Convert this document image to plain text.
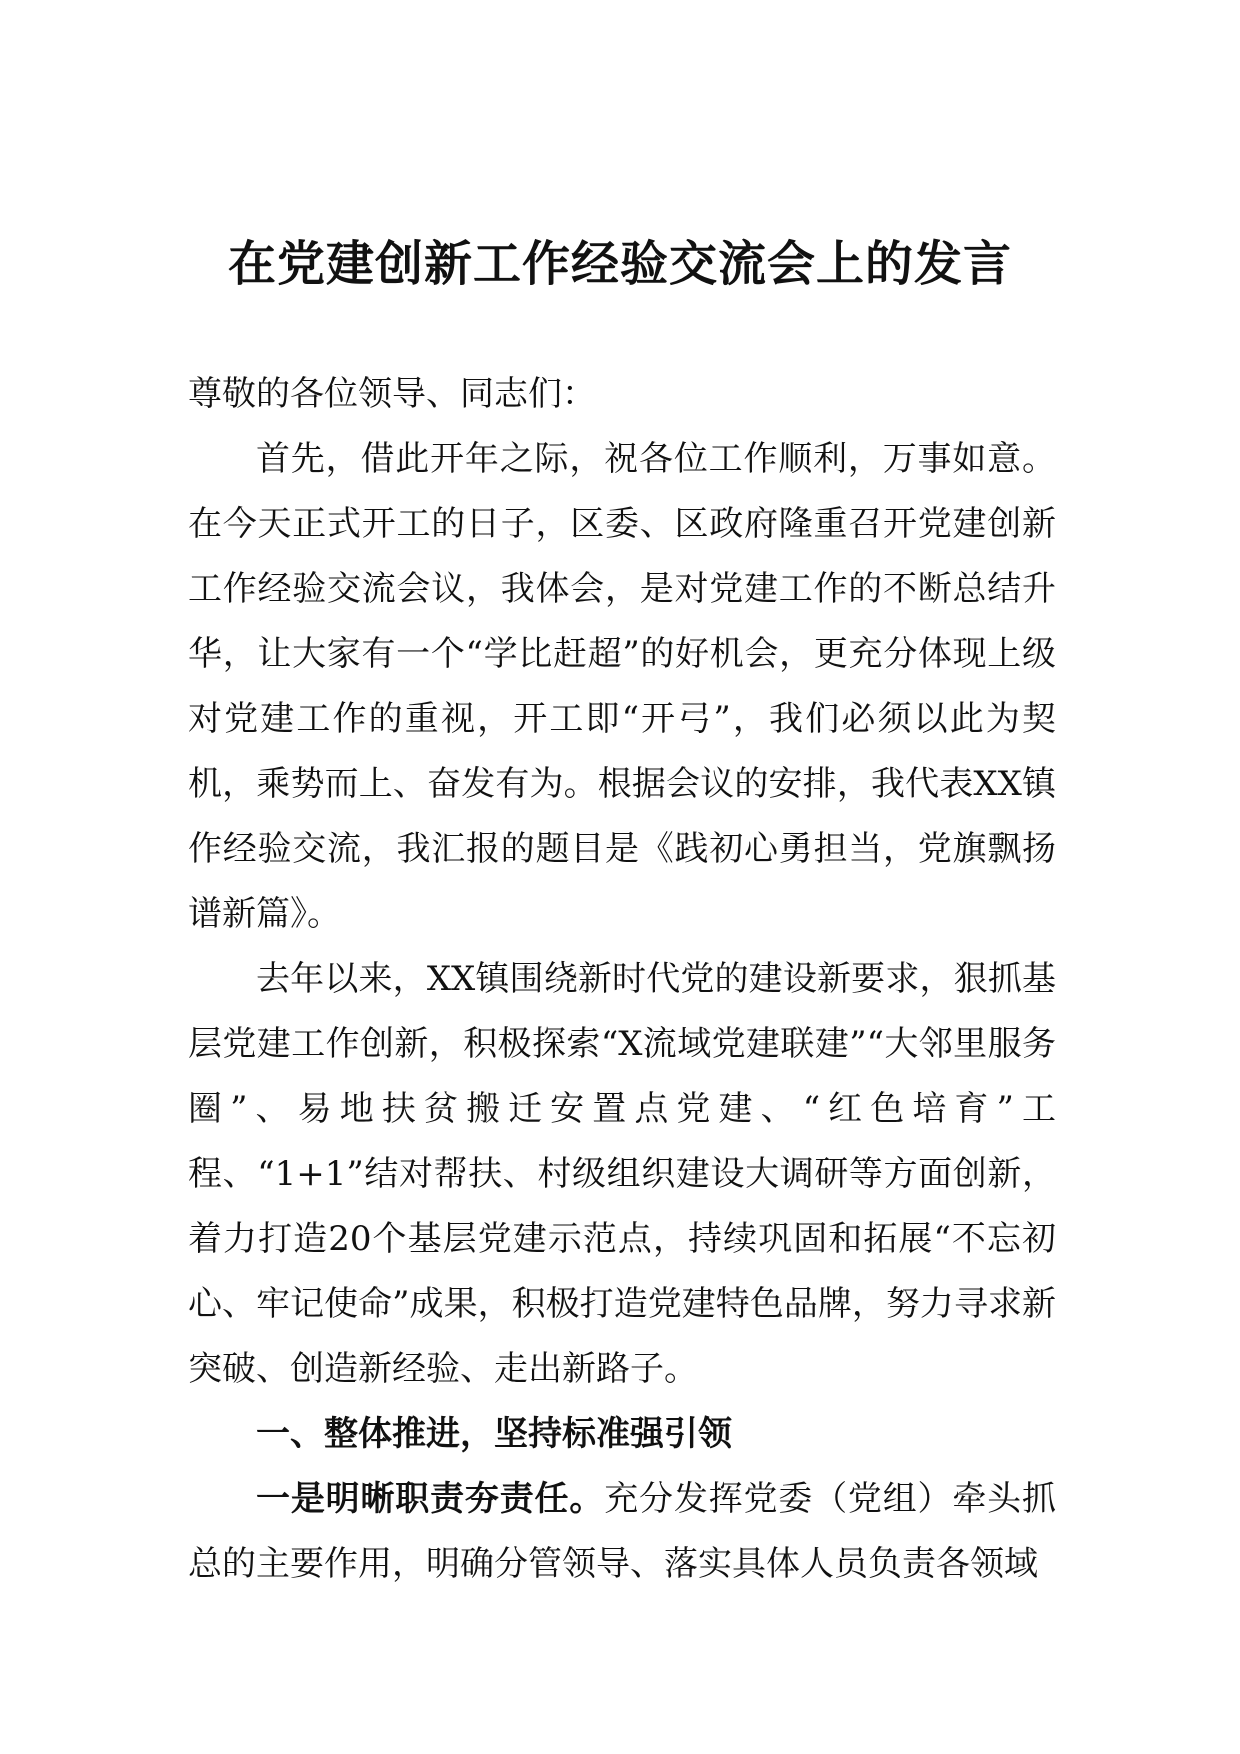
在党建创新工作经验交流会上的发言

尊敬的各位领导、同志们：

首先，借此开年之际，祝各位工作顺利，万事如意。在今天正式开工的日子，区委、区政府隆重召开党建创新工作经验交流会议，我体会，是对党建工作的不断总结升华，让大家有一个“学比赶超”的好机会，更充分体现上级对党建工作的重视，开工即“开弓”，我们必须以此为契机，乘势而上、奋发有为。根据会议的安排，我代表XX镇作经验交流，我汇报的题目是《践初心勇担当，党旗飘扬谱新篇》。

去年以来，XX镇围绕新时代党的建设新要求，狠抓基层党建工作创新，积极探索“X流域党建联建”“大邻里服务圈”、易地扶贫搬迁安置点党建、“红色培育”工程、“1+1”结对帮扶、村级组织建设大调研等方面创新，着力打造20个基层党建示范点，持续巩固和拓展“不忘初心、牢记使命”成果，积极打造党建特色品牌，努力寻求新突破、创造新经验、走出新路子。

一、整体推进，坚持标准强引领

一是明晰职责夯责任。充分发挥党委（党组）牵头抓总的主要作用，明确分管领导、落实具体人员负责各领域
